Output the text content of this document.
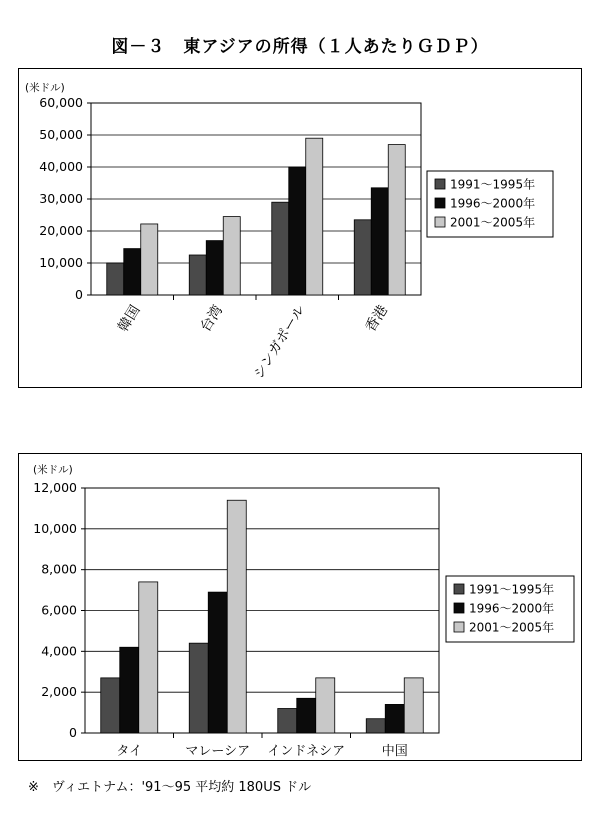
図－３　東アジアの所得（１人あたりＧＤＰ）
0
10,000
20,000
30,000
40,000
50,000
60,000
(米ドル)
韓国	台湾 シンガポール	香港
1991～1995年
1996～2000年
2001～2005年
0
2,000
4,000
6,000
8,000
10,000
12,000
(米ドル)
タイ	マレーシア インドネシア	中国
1991～1995年
1996～2000年
2001～2005年
※　ヴィエトナム：'91～95 平均約 180US ドル
